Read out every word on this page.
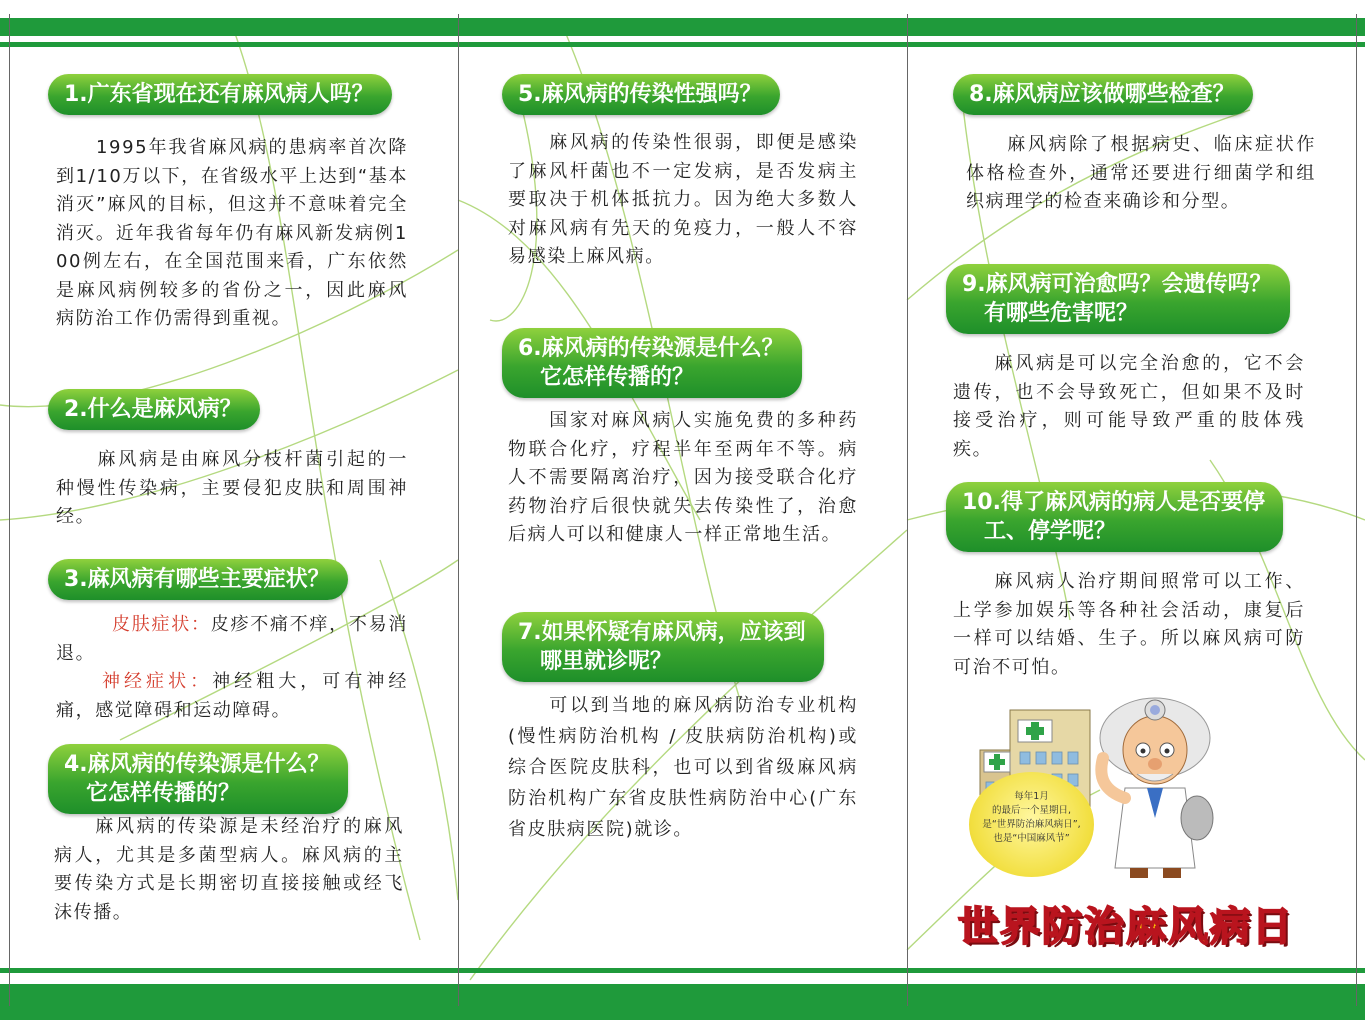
1.广东省现在还有麻风病人吗？
　　1995年我省麻风病的患病率首次降到1/10万以下，在省级水平上达到“基本消灭”麻风的目标，但这并不意味着完全消灭。近年我省每年仍有麻风新发病例1 00例左右，在全国范围来看，广东依然是麻风病例较多的省份之一，因此麻风病防治工作仍需得到重视。
2.什么是麻风病？
　　麻风病是由麻风分枝杆菌引起的一种慢性传染病，主要侵犯皮肤和周围神经。
3.麻风病有哪些主要症状？
皮肤症状：皮疹不痛不痒，不易消退。
神经症状：神经粗大，可有神经痛，感觉障碍和运动障碍。
4.麻风病的传染源是什么？
它怎样传播的？
　　麻风病的传染源是未经治疗的麻风病人，尤其是多菌型病人。麻风病的主要传染方式是长期密切直接接触或经飞沫传播。
5.麻风病的传染性强吗？
　　麻风病的传染性很弱，即便是感染了麻风杆菌也不一定发病，是否发病主要取决于机体抵抗力。因为绝大多数人对麻风病有先天的免疫力，一般人不容易感染上麻风病。
6.麻风病的传染源是什么？
它怎样传播的？
　　国家对麻风病人实施免费的多种药物联合化疗，疗程半年至两年不等。病人不需要隔离治疗，因为接受联合化疗药物治疗后很快就失去传染性了，治愈后病人可以和健康人一样正常地生活。
7.如果怀疑有麻风病，应该到
哪里就诊呢？
　　可以到当地的麻风病防治专业机构(慢性病防治机构 / 皮肤病防治机构)或综合医院皮肤科，也可以到省级麻风病防治机构广东省皮肤性病防治中心(广东省皮肤病医院)就诊。
8.麻风病应该做哪些检查？
　　麻风病除了根据病史、临床症状作体格检查外，通常还要进行细菌学和组织病理学的检查来确诊和分型。
9.麻风病可治愈吗？会遗传吗？
有哪些危害呢？
　　麻风病是可以完全治愈的，它不会遗传，也不会导致死亡，但如果不及时接受治疗，则可能导致严重的肢体残疾。
10.得了麻风病的病人是否要停
工、停学呢？
　　麻风病人治疗期间照常可以工作、上学参加娱乐等各种社会活动，康复后一样可以结婚、生子。所以麻风病可防可治不可怕。
每年1月
的最后一个星期日,
是“世界防治麻风病日”,
也是“中国麻风节”
世界防治麻风病日
